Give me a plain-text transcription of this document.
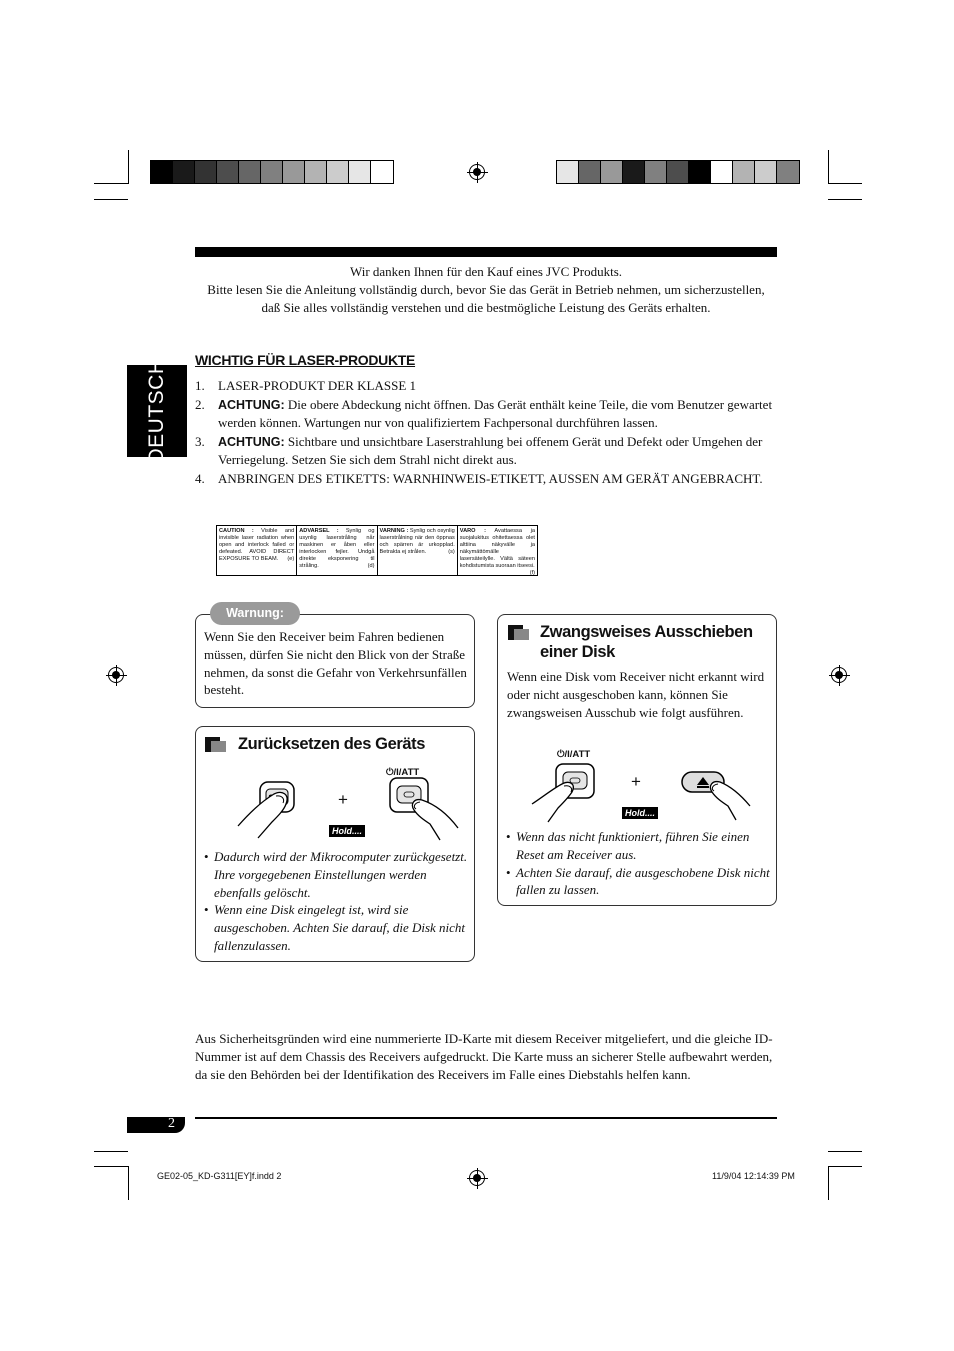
Wir danken Ihnen für den Kauf eines JVC Produkts.
Bitte lesen Sie die Anleitung vollständig durch, bevor Sie das Gerät in Betrieb nehmen, um sicherzustellen, daß Sie alles vollständig verstehen und die bestmögliche Leistung des Geräts erhalten.
DEUTSCH WICHTIG FÜR LASER-PRODUKTE
1. LASER-PRODUKT DER KLASSE 1
2. ACHTUNG: Die obere Abdeckung nicht öffnen. Das Gerät enthält keine Teile, die vom Benutzer gewartet werden können. Wartungen nur von qualifiziertem Fachpersonal durchführen lassen.
3. ACHTUNG: Sichtbare und unsichtbare Laserstrahlung bei offenem Gerät und Defekt oder Umgehen der Verriegelung. Setzen Sie sich dem Strahl nicht direkt aus.
4. ANBRINGEN DES ETIKETTS: WARNHINWEIS-ETIKETT, AUSSEN AM GERÄT ANGEBRACHT.
CAUTION : Visible and invisible laser radiation when open and interlock failed or defeated. AVOID DIRECT EXPOSURE TO BEAM. (e)
ADVARSEL : Synlig og usynlig laserstråling når maskinen er åben eller interlocken fejler. Undgå direkte eksponering til stråling.	(d)
VARNING : Synlig och osynlig laserstrålning när den öppnas och spärren är urkopplad. Betrakta ej strålen.	(s)
VARO : Avattaessa ja suojalukitus ohitettaessa olet alttiina näkyvälle ja näkymättömälle lasersäteilylle. Vältä säteen kohdistumista suoraan itseesi.
(f)
Warnung:
Wenn Sie den Receiver beim Fahren bedienen müssen, dürfen Sie nicht den Blick von der Straße nehmen, da sonst die Gefahr von Verkehrsunfällen besteht.
Zurücksetzen des Geräts
+
⏻/I/ATT
Hold....
• Dadurch wird der Mikrocomputer zurückgesetzt. Ihre vorgegebenen Einstellungen werden ebenfalls gelöscht.
• Wenn eine Disk eingelegt ist, wird sie ausgeschoben. Achten Sie darauf, die Disk nicht fallenzulassen.
Zwangsweises Ausschieben
einer Disk
Wenn eine Disk vom Receiver nicht erkannt wird oder nicht ausgeschoben kann, können Sie zwangsweisen Ausschub wie folgt ausführen.
⏻/I/ATT
+
Hold....
• Wenn das nicht funktioniert, führen Sie einen Reset am Receiver aus.
• Achten Sie darauf, die ausgeschobene Disk nicht fallen zu lassen.
Aus Sicherheitsgründen wird eine nummerierte ID-Karte mit diesem Receiver mitgeliefert, und die gleiche ID-Nummer ist auf dem Chassis des Receivers aufgedruckt. Die Karte muss an sicherer Stelle aufbewahrt werden, da sie den Behörden bei der Identifikation des Receivers im Falle eines Diebstahls helfen kann.
2
GE02-05_KD-G311[EY]f.indd 2	11/9/04 12:14:39 PM
